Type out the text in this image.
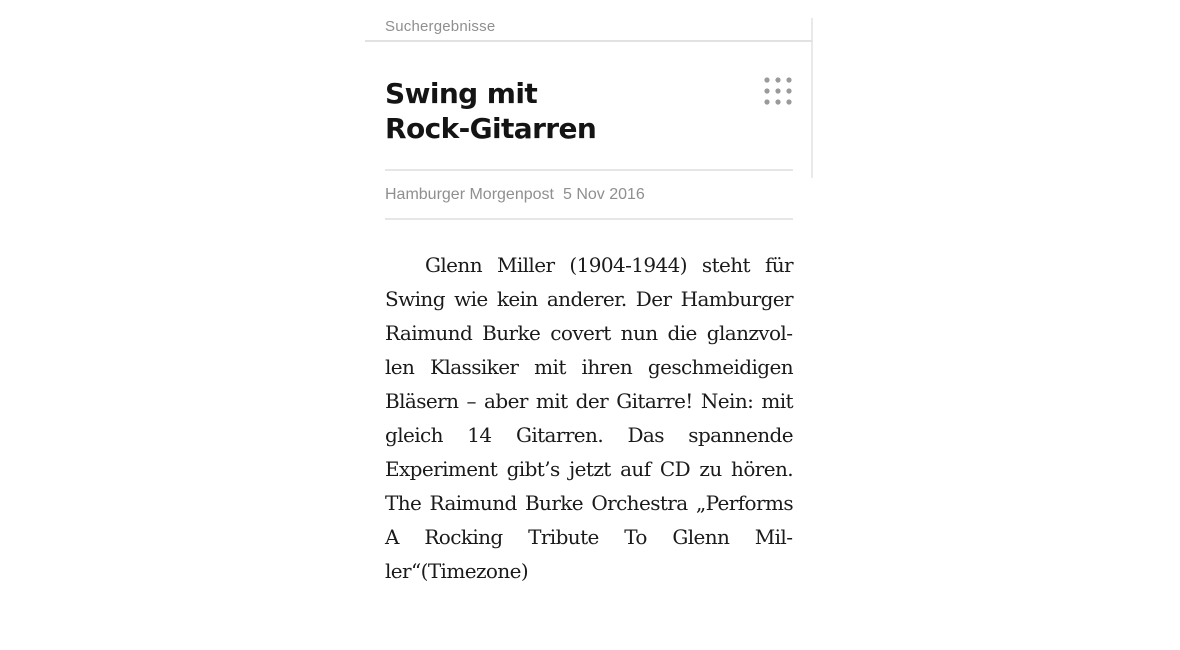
Suchergebnisse
Swing mit
Rock-Gitarren
Hamburger Morgenpost 5 Nov 2016

Glenn Miller (1904-1944) steht für Swing wie kein anderer. Der Hamburger Raimund Burke covert nun die glanzvollen Klassiker mit ihren geschmeidigen Bläsern – aber mit der Gitarre! Nein: mit gleich 14 Gitarren. Das spannende Experiment gibt’s jetzt auf CD zu hören. The Raimund Burke Orchestra „Performs A Rocking Tribute To Glenn Miller“(Timezone)
